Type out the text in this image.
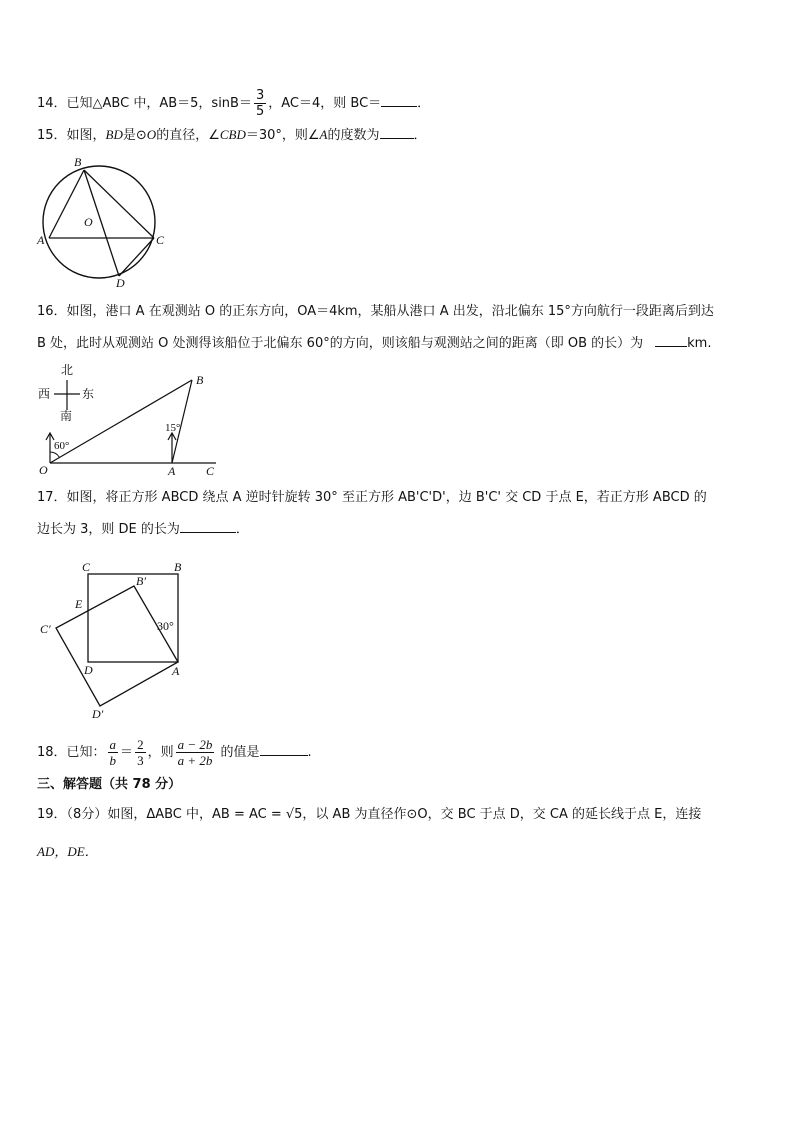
14．已知△ABC 中，AB＝5，$\sin B= \frac{3}{5}$ ，AC＝4，则 BC＝	．
15．如图，BD是⊙O的直径，∠CBD＝30°，则∠A的度数为	．
B
O
A	C
D
16．如图，港口 A 在观测站 O 的正东方向，OA＝4km，某船从港口 A 出发，沿北偏东 15°方向航行一段距离后到达
B 处，此时从观测站 O 处测得该船位于北偏东 60°的方向，则该船与观测站之间的距离（即 OB 的长）为	km.
北
西	东
南
60°
15°
B
O	A	C
17．如图，将正方形 ABCD 绕点 A 逆时针旋转 30° 至正方形 AB'C'D'，边 B'C' 交 CD 于点 E，若正方形 ABCD 的
边长为 3，则 DE 的长为	．
C	B
B′
E
C′
D	A
D′
30°
18．已知： $\frac{a}{b} = \frac{2}{3}$ ，则 $\frac{a - 2b}{a + 2b}$ 的值是	.
三、解答题（共 78 分）
19．（8分）如图，ΔABC 中，AB = AC = √5，以 AB 为直径作⊙O，交 BC 于点 D，交 CA 的延长线于点 E，连接
AD，DE．
